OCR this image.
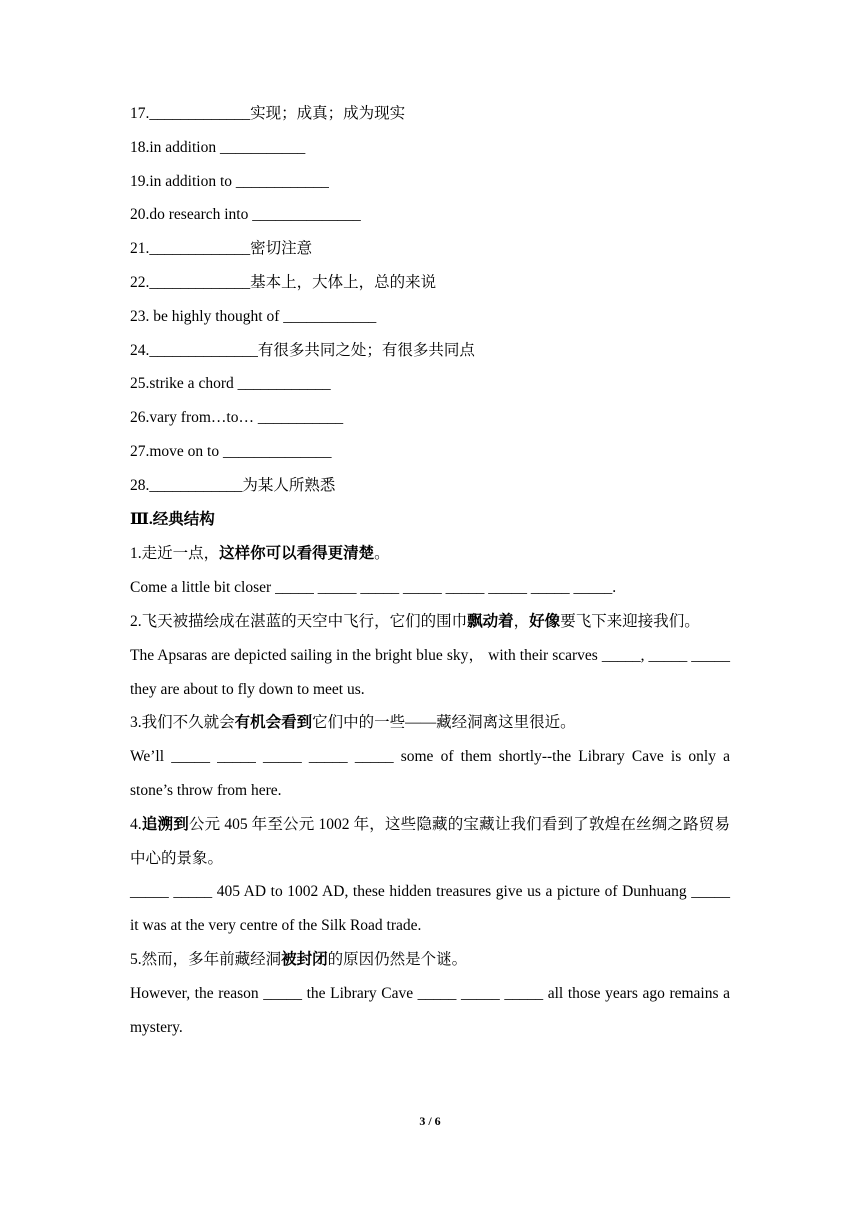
17._____________实现；成真；成为现实
18.in addition ___________
19.in addition to ____________
20.do research into ______________
21._____________密切注意
22._____________基本上，大体上，总的来说
23. be highly thought of ____________
24.______________有很多共同之处；有很多共同点
25.strike a chord ____________
26.vary from…to… ___________
27.move on to ______________
28.____________为某人所熟悉
Ⅲ.经典结构

1.走近一点，这样你可以看得更清楚。

Come a little bit closer _____ _____ _____ _____ _____ _____ _____ _____.

2.飞天被描绘成在湛蓝的天空中飞行，它们的围巾飘动着，好像要飞下来迎接我们。

The Apsaras are depicted sailing in the bright blue sky， with their scarves _____, _____ _____ they are about to fly down to meet us.

3.我们不久就会有机会看到它们中的一些——藏经洞离这里很近。

We’ll _____ _____ _____ _____ _____ some of them shortly--the Library Cave is only a stone’s throw from here.

4.追溯到公元 405 年至公元 1002 年，这些隐藏的宝藏让我们看到了敦煌在丝绸之路贸易中心的景象。

_____ _____ 405 AD to 1002 AD, these hidden treasures give us a picture of Dunhuang _____ it was at the very centre of the Silk Road trade.

5.然而，多年前藏经洞被封闭的原因仍然是个谜。

However, the reason _____ the Library Cave _____ _____ _____ all those years ago remains a mystery.

3 / 6
